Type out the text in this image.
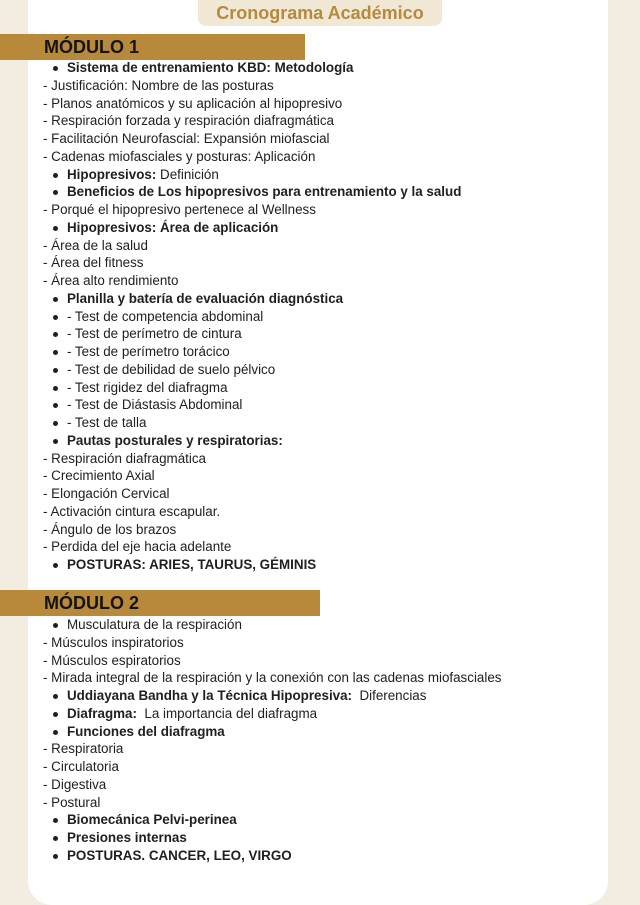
Cronograma Académico
MÓDULO 1
Sistema de entrenamiento KBD: Metodología
- Justificación: Nombre de las posturas
- Planos anatómicos y su aplicación al hipopresivo
- Respiración forzada y respiración diafragmática
- Facilitación Neurofascial: Expansión miofascial
- Cadenas miofasciales y posturas: Aplicación
Hipopresivos: Definición
Beneficios de Los hipopresivos para entrenamiento y la salud
- Porqué el hipopresivo pertenece al Wellness
Hipopresivos: Área de aplicación
- Área de la salud
- Área del fitness
- Área alto rendimiento
Planilla y batería de evaluación diagnóstica
- Test de competencia abdominal
- Test de perímetro de cintura
- Test de perímetro torácico
- Test de debilidad de suelo pélvico
- Test rigidez del diafragma
- Test de Diástasis Abdominal
- Test de talla
Pautas posturales y respiratorias:
- Respiración diafragmática
- Crecimiento Axial
- Elongación Cervical
- Activación cintura escapular.
- Ángulo de los brazos
- Perdida del eje hacia adelante
POSTURAS: ARIES, TAURUS, GÉMINIS
MÓDULO 2
Musculatura de la respiración
- Músculos inspiratorios
- Músculos espiratorios
- Mirada integral de la respiración y la conexión con las cadenas miofasciales
Uddiayana Bandha y la Técnica Hipopresiva:  Diferencias
Diafragma:  La importancia del diafragma
Funciones del diafragma
- Respiratoria
- Circulatoria
- Digestiva
- Postural
Biomecánica Pelvi-perinea
Presiones internas
POSTURAS. CANCER, LEO, VIRGO
